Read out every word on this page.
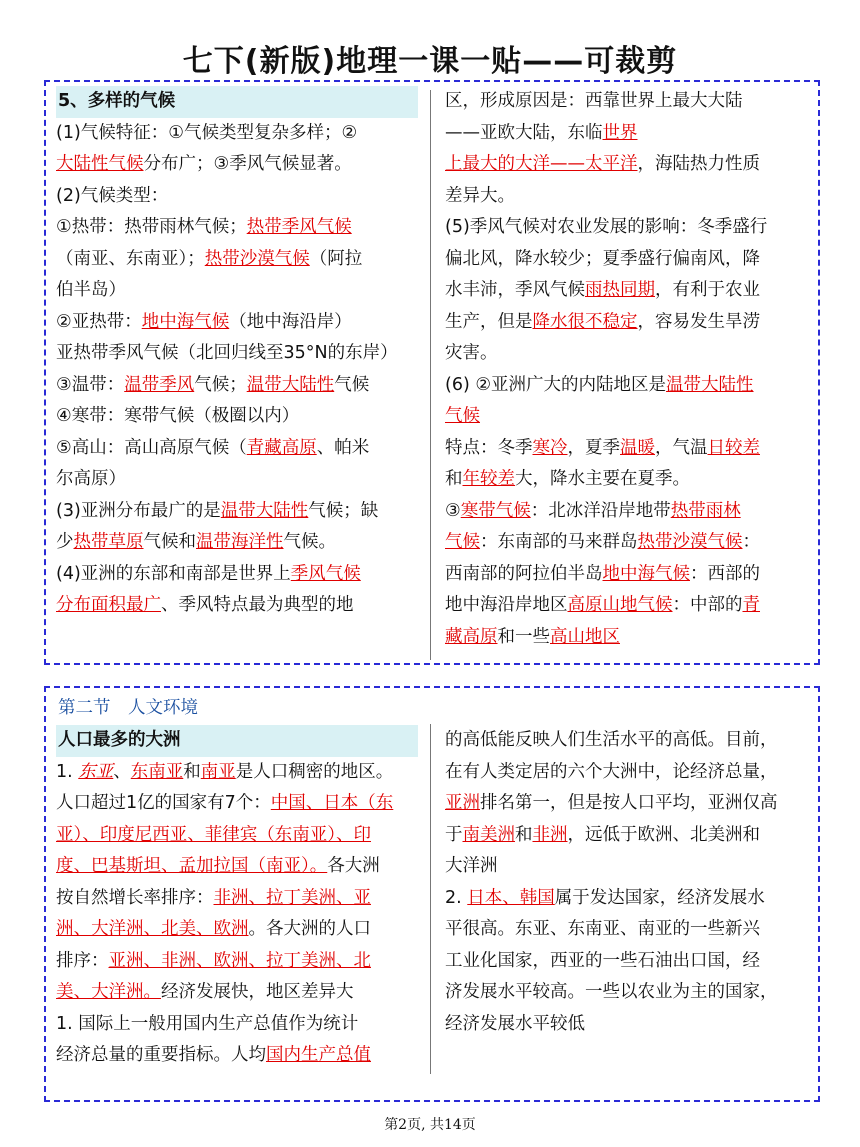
七下(新版)地理一课一贴——可裁剪

5、多样的气候

(1)气候特征：①气候类型复杂多样；②

大陆性气候分布广；③季风气候显著。

(2)气候类型：

①热带：热带雨林气候；热带季风气候

（南亚、东南亚）；热带沙漠气候（阿拉

伯半岛）

②亚热带：地中海气候（地中海沿岸）

亚热带季风气候（北回归线至35°N的东岸）

③温带：温带季风气候；温带大陆性气候

④寒带：寒带气候（极圈以内）

⑤高山：高山高原气候（青藏高原、帕米

尔高原）

(3)亚洲分布最广的是温带大陆性气候；缺

少热带草原气候和温带海洋性气候。

(4)亚洲的东部和南部是世界上季风气候

分布面积最广、季风特点最为典型的地

区，形成原因是：西靠世界上最大大陆

——亚欧大陆，东临世界

上最大的大洋——太平洋，海陆热力性质

差异大。

(5)季风气候对农业发展的影响：冬季盛行

偏北风，降水较少；夏季盛行偏南风，降

水丰沛，季风气候雨热同期，有利于农业

生产，但是降水很不稳定，容易发生旱涝

灾害。

(6) ②亚洲广大的内陆地区是温带大陆性

气候

特点：冬季寒冷，夏季温暖，气温日较差

和年较差大，降水主要在夏季。

③寒带气候：北冰洋沿岸地带热带雨林

气候：东南部的马来群岛热带沙漠气候：

西南部的阿拉伯半岛地中海气候：西部的

地中海沿岸地区高原山地气候：中部的青

藏高原和一些高山地区

第二节　人文环境

人口最多的大洲

1. 东亚、东南亚和南亚是人口稠密的地区。

人口超过1亿的国家有7个：中国、日本（东

亚）、印度尼西亚、菲律宾（东南亚）、印

度、巴基斯坦、孟加拉国（南亚）。各大洲

按自然增长率排序：非洲、拉丁美洲、亚

洲、大洋洲、北美、欧洲。各大洲的人口

排序：亚洲、非洲、欧洲、拉丁美洲、北

美、大洋洲。经济发展快，地区差异大

1. 国际上一般用国内生产总值作为统计

经济总量的重要指标。人均国内生产总值

的高低能反映人们生活水平的高低。目前，

在有人类定居的六个大洲中，论经济总量，

亚洲排名第一，但是按人口平均，亚洲仅高

于南美洲和非洲，远低于欧洲、北美洲和

大洋洲

2. 日本、韩国属于发达国家，经济发展水

平很高。东亚、东南亚、南亚的一些新兴

工业化国家，西亚的一些石油出口国，经

济发展水平较高。一些以农业为主的国家，

经济发展水平较低

第2页, 共14页
